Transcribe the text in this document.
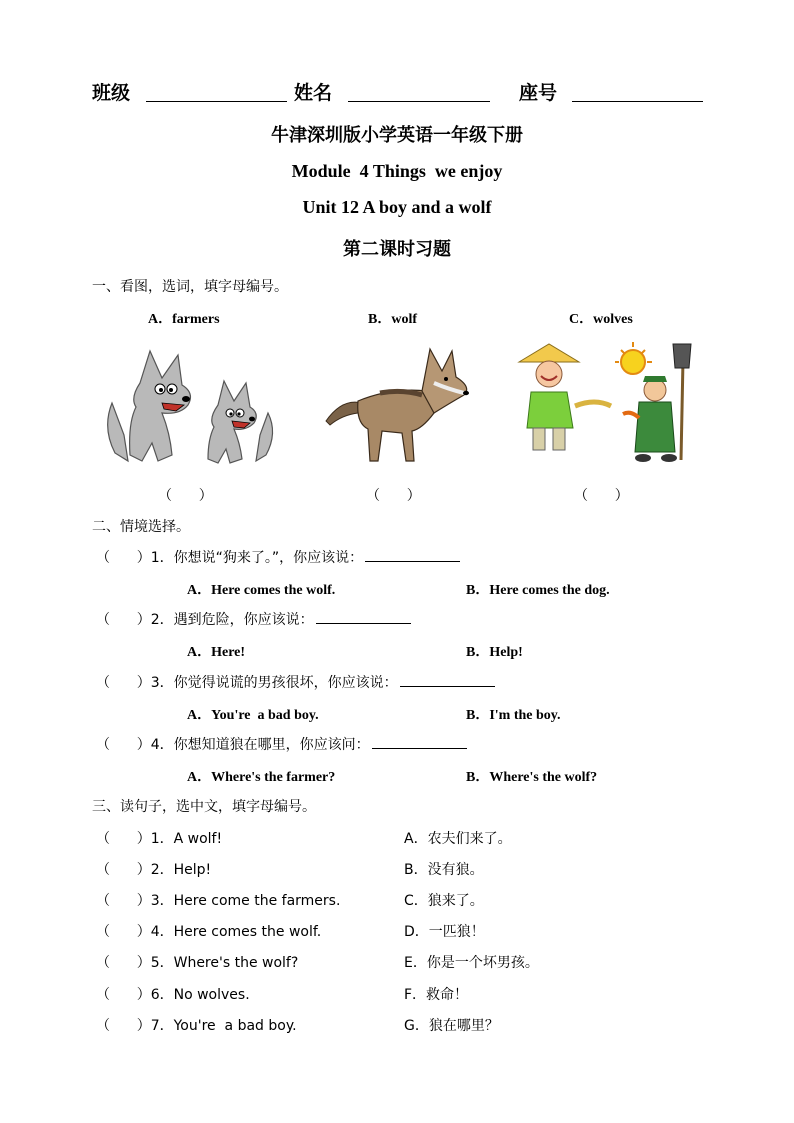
班级	姓名	座号
牛津深圳版小学英语一年级下册
Module  4 Things  we enjoy
Unit 12 A boy and a wolf
第二课时习题
一、看图，选词，填字母编号。
A．farmers	B．wolf	C．wolves
（      ）	（      ）	（      ）
二、情境选择。
（      ）1．你想说“狗来了。”，你应该说：
A．Here comes the wolf.	B．Here comes the dog.
（      ）2．遇到危险，你应该说：
A．Here!	B．Help!
（      ）3．你觉得说谎的男孩很坏，你应该说：
A．You're  a bad boy.	B．I'm the boy.
（      ）4．你想知道狼在哪里，你应该问：
A．Where's the farmer?	B．Where's the wolf?
三、读句子，选中文，填字母编号。
（      ）1．A wolf!	A．农夫们来了。
（      ）2．Help!	B．没有狼。
（      ）3．Here come the farmers.	C．狼来了。
（      ）4．Here comes the wolf.	D．一匹狼！
（      ）5．Where's the wolf?	E．你是一个坏男孩。
（      ）6．No wolves.	F．救命！
（      ）7．You're  a bad boy.	G．狼在哪里？
